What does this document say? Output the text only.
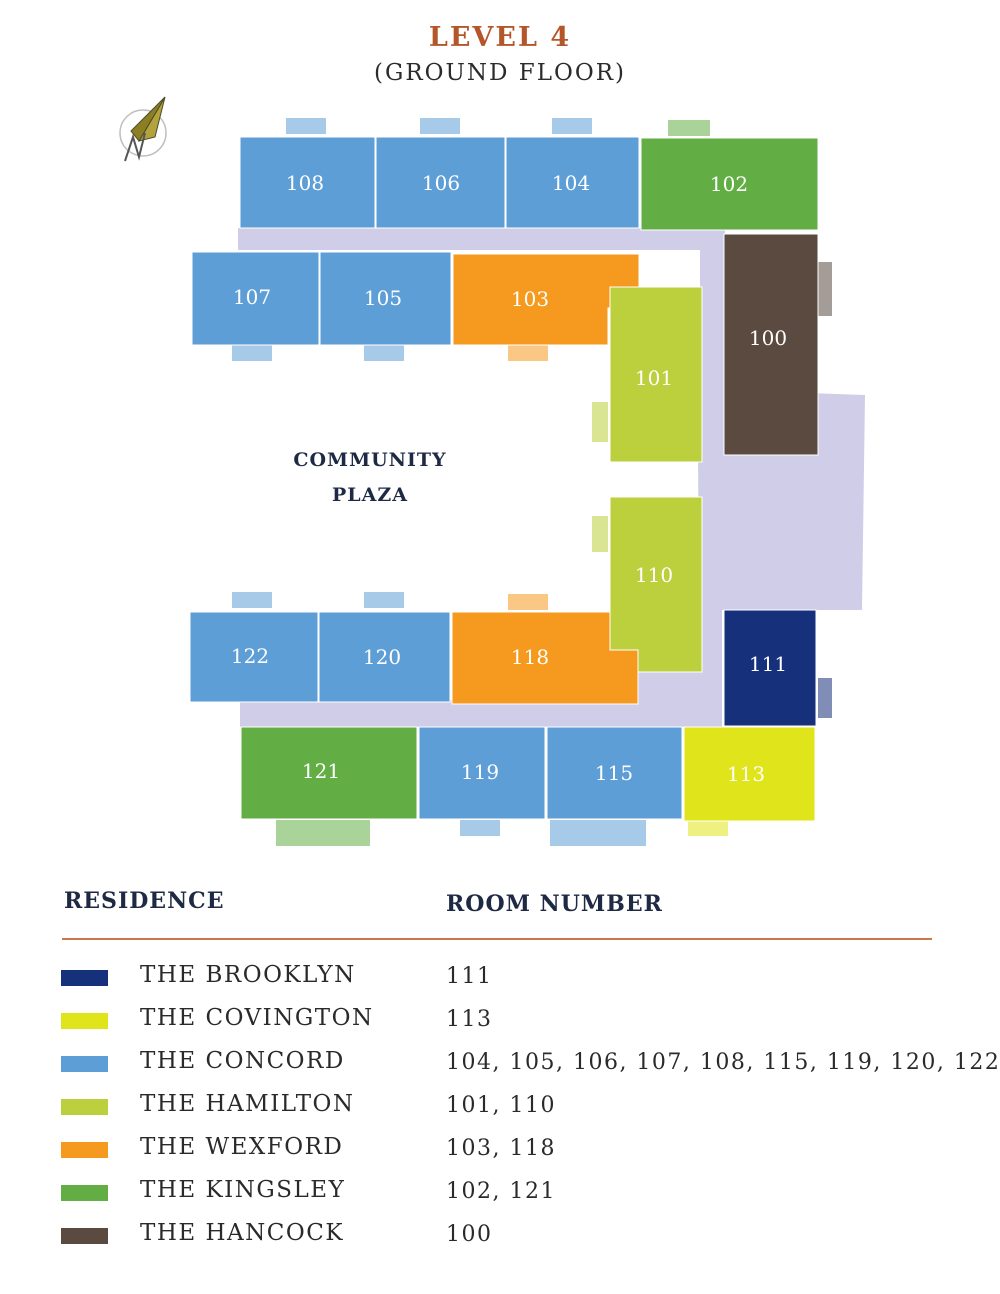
LEVEL 4
(GROUND FLOOR)
108	106	104	102
107	105	103
101
100
110
111
122	120	118
121	119	115	113
COMMUNITY
PLAZA
RESIDENCE	ROOM NUMBER
THE BROOKLYN	111
THE COVINGTON	113
THE CONCORD	104, 105, 106, 107, 108, 115, 119, 120, 122
THE HAMILTON	101, 110
THE WEXFORD	103, 118
THE KINGSLEY	102, 121
THE HANCOCK	100
